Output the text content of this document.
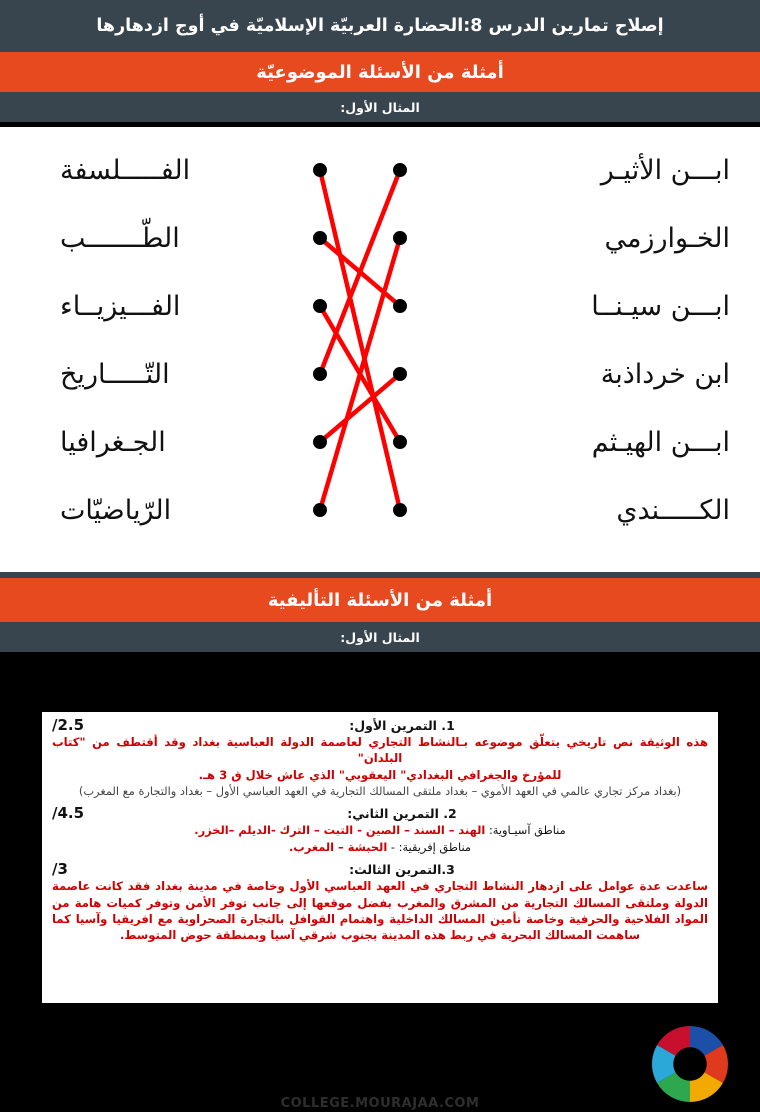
إصلاح تمارين الدرس 8:الحضارة العربيّة الإسلاميّة في أوج ازدهارها
أمثلة من الأسئلة الموضوعيّة
المثال الأول:
ابـــن الأثيـر
الفـــــلسفة
الخـوارزمي
الطّـــــــب
ابـــن سيـنــا
الفـــيزيــاء
ابن خرداذبة
التّـــــاريخ
ابـــن الهيـثم
الجـغرافيا
الكـــــندي
الرّياضيّات
أمثلة من الأسئلة التأليفية
المثال الأول:
/2.5	1. التمرين الأول:

هذه الوثيقة نص تاريخي يتعلّق موضوعه بـالنشاط التجاري لعاصمة الدولة العباسية بغداد وقد أقتطف من "كتاب البلدان"

للمؤرخ والجغرافي البغدادي" اليعقوبي" الذي عاش خلال ق 3 هـ.

(بغداد مركز تجاري عالمي في العهد الأموي – بغداد ملتقى المسالك التجارية في العهد العباسي الأول – بغداد والتجارة مع المغرب)

/4.5	2. التمرين الثاني:

مناطق آسيـاوية: الهند – السند – الصين - التبت – الترك -الديلم –الخزر.

مناطق إفريقية: - الحبشة – المغرب.

/3	3.التمرين الثالث:

ساعدت عدة عوامل على ازدهار النشاط التجاري في العهد العباسي الأول وخاصة في مدينة بغداد فقد كانت عاصمة الدولة وملتقى المسالك التجارية من المشرق والمغرب بفضل موقعها إلى جانب توفر الأمن وتوفر كميات هامة من المواد الفلاحية والحرفية وخاصة تأمين المسالك الداخلية واهتمام القوافل بالتجارة الصحراوية مع افريقيا وآسيا كما ساهمت المسالك البحرية في ربط هذه المدينة بجنوب شرقي آسيا وبمنطقة حوض المتوسط.

COLLEGE.MOURAJAA.COM
